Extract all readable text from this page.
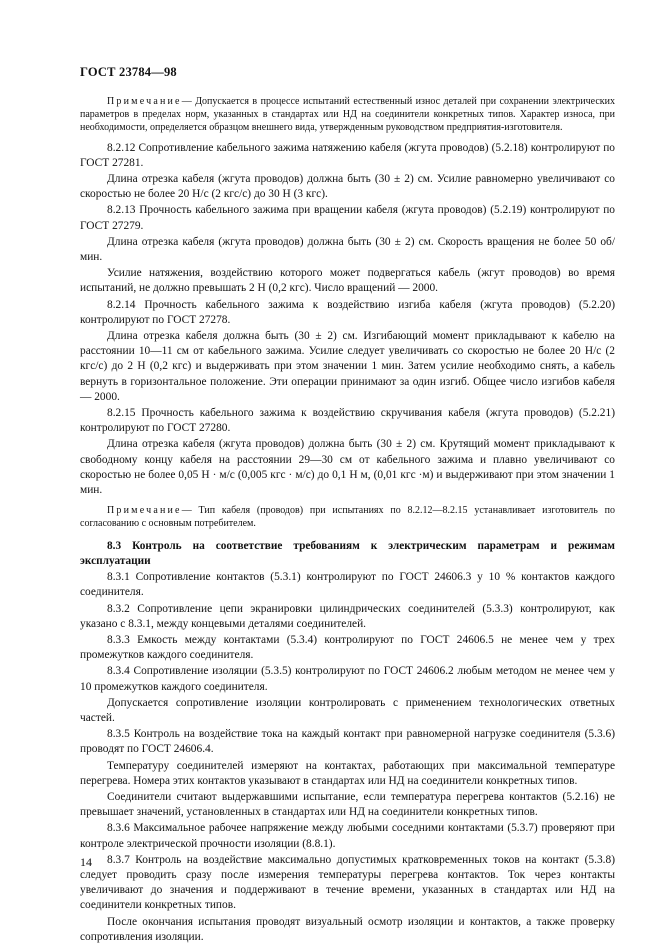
ГОСТ 23784—98

Примечание— Допускается в процессе испытаний естественный износ деталей при сохранении электрических параметров в пределах норм, указанных в стандартах или НД на соединители конкретных типов. Характер износа, при необходимости, определяется образцом внешнего вида, утвержденным руководством предприятия-изготовителя.

8.2.12 Сопротивление кабельного зажима натяжению кабеля (жгута проводов) (5.2.18) контролируют по ГОСТ 27281.

Длина отрезка кабеля (жгута проводов) должна быть (30 ± 2) см. Усилие равномерно увеличивают со скоростью не более 20 Н/с (2 кгс/с) до 30 Н (3 кгс).

8.2.13 Прочность кабельного зажима при вращении кабеля (жгута проводов) (5.2.19) контролируют по ГОСТ 27279.

Длина отрезка кабеля (жгута проводов) должна быть (30 ± 2) см. Скорость вращения не более 50 об/мин.

Усилие натяжения, воздействию которого может подвергаться кабель (жгут проводов) во время испытаний, не должно превышать 2 Н (0,2 кгс). Число вращений — 2000.

8.2.14 Прочность кабельного зажима к воздействию изгиба кабеля (жгута проводов) (5.2.20) контролируют по ГОСТ 27278.

Длина отрезка кабеля должна быть (30 ± 2) см. Изгибающий момент прикладывают к кабелю на расстоянии 10—11 см от кабельного зажима. Усилие следует увеличивать со скоростью не более 20 Н/с (2 кгс/с) до 2 Н (0,2 кгс) и выдерживать при этом значении 1 мин. Затем усилие необходимо снять, а кабель вернуть в горизонтальное положение. Эти операции принимают за один изгиб. Общее число изгибов кабеля — 2000.

8.2.15 Прочность кабельного зажима к воздействию скручивания кабеля (жгута проводов) (5.2.21) контролируют по ГОСТ 27280.

Длина отрезка кабеля (жгута проводов) должна быть (30 ± 2) см. Крутящий момент прикладывают к свободному концу кабеля на расстоянии 29—30 см от кабельного зажима и плавно увеличивают со скоростью не более 0,05 Н · м/с (0,005 кгс · м/с) до 0,1 Н м, (0,01 кгс ·м) и выдерживают при этом значении 1 мин.

Примечание— Тип кабеля (проводов) при испытаниях по 8.2.12—8.2.15 устанавливает изготовитель по согласованию с основным потребителем.

8.3 Контроль на соответствие требованиям к электрическим параметрам и режимам эксплуатации

8.3.1 Сопротивление контактов (5.3.1) контролируют по ГОСТ 24606.3 у 10 % контактов каждого соединителя.

8.3.2 Сопротивление цепи экранировки цилиндрических соединителей (5.3.3) контролируют, как указано с 8.3.1, между концевыми деталями соединителей.

8.3.3 Емкость между контактами (5.3.4) контролируют по ГОСТ 24606.5 не менее чем у трех промежутков каждого соединителя.

8.3.4 Сопротивление изоляции (5.3.5) контролируют по ГОСТ 24606.2 любым методом не менее чем у 10 промежутков каждого соединителя.

Допускается сопротивление изоляции контролировать с применением технологических ответных частей.

8.3.5 Контроль на воздействие тока на каждый контакт при равномерной нагрузке соединителя (5.3.6) проводят по ГОСТ 24606.4.

Температуру соединителей измеряют на контактах, работающих при максимальной температуре перегрева. Номера этих контактов указывают в стандартах или НД на соединители конкретных типов.

Соединители считают выдержавшими испытание, если температура перегрева контактов (5.2.16) не превышает значений, установленных в стандартах или НД на соединители конкретных типов.

8.3.6 Максимальное рабочее напряжение между любыми соседними контактами (5.3.7) проверяют при контроле электрической прочности изоляции (8.8.1).

8.3.7 Контроль на воздействие максимально допустимых кратковременных токов на контакт (5.3.8) следует проводить сразу после измерения температуры перегрева контактов. Ток через контакты увеличивают до значения и поддерживают в течение времени, указанных в стандартах или НД на соединители конкретных типов.

После окончания испытания проводят визуальный осмотр изоляции и контактов, а также проверку сопротивления изоляции.

14
